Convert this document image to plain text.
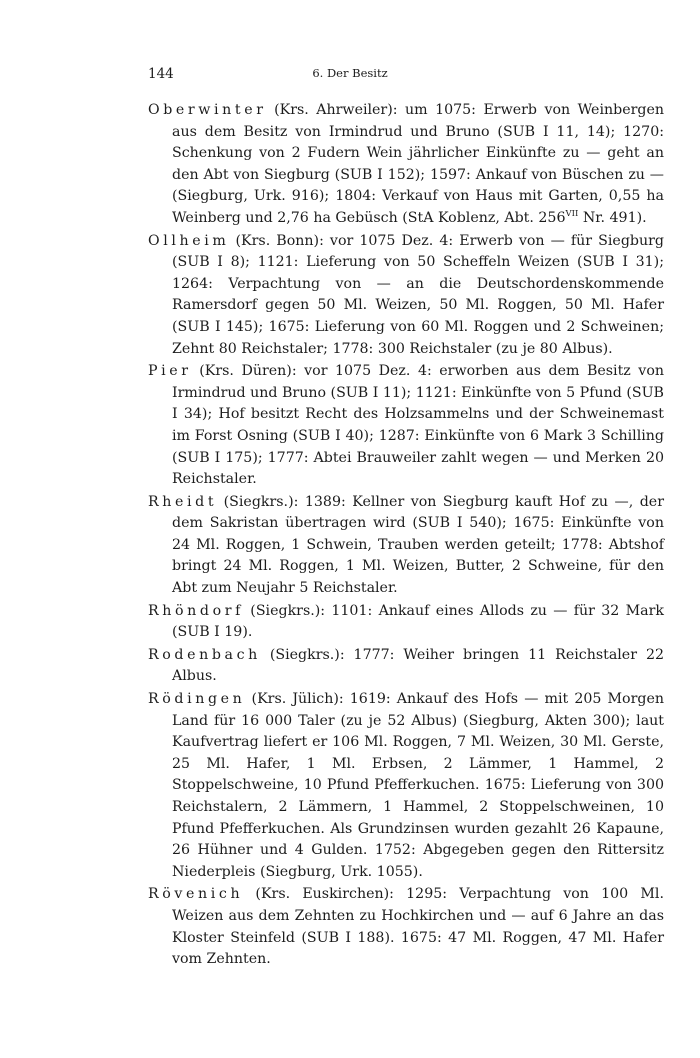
144	6. Der Besitz

Oberwinter (Krs. Ahrweiler): um 1075: Erwerb von Weinbergen aus dem Besitz von Irmindrud und Bruno (SUB I 11, 14); 1270: Schenkung von 2 Fudern Wein jährlicher Einkünfte zu — geht an den Abt von Siegburg (SUB I 152); 1597: Ankauf von Büschen zu — (Siegburg, Urk. 916); 1804: Verkauf von Haus mit Garten, 0,55 ha Weinberg und 2,76 ha Gebüsch (StA Koblenz, Abt. $256^{VII}$ Nr. 491).

Ollheim (Krs. Bonn): vor 1075 Dez. 4: Erwerb von — für Siegburg (SUB I 8); 1121: Lieferung von 50 Scheffeln Weizen (SUB I 31); 1264: Verpachtung von — an die Deutschordenskommende Ramersdorf gegen 50 Ml. Weizen, 50 Ml. Roggen, 50 Ml. Hafer (SUB I 145); 1675: Lieferung von 60 Ml. Roggen und 2 Schweinen; Zehnt 80 Reichstaler; 1778: 300 Reichstaler (zu je 80 Albus).

Pier (Krs. Düren): vor 1075 Dez. 4: erworben aus dem Besitz von Irmindrud und Bruno (SUB I 11); 1121: Einkünfte von 5 Pfund (SUB I 34); Hof besitzt Recht des Holzsammelns und der Schweinemast im Forst Osning (SUB I 40); 1287: Einkünfte von 6 Mark 3 Schilling (SUB I 175); 1777: Abtei Brauweiler zahlt wegen — und Merken 20 Reichstaler.

Rheidt (Siegkrs.): 1389: Kellner von Siegburg kauft Hof zu —, der dem Sakristan übertragen wird (SUB I 540); 1675: Einkünfte von 24 Ml. Roggen, 1 Schwein, Trauben werden geteilt; 1778: Abtshof bringt 24 Ml. Roggen, 1 Ml. Weizen, Butter, 2 Schweine, für den Abt zum Neujahr 5 Reichstaler.

Rhöndorf (Siegkrs.): 1101: Ankauf eines Allods zu — für 32 Mark (SUB I 19).

Rodenbach (Siegkrs.): 1777: Weiher bringen 11 Reichstaler 22 Albus.

Rödingen (Krs. Jülich): 1619: Ankauf des Hofs — mit 205 Morgen Land für 16 000 Taler (zu je 52 Albus) (Siegburg, Akten 300); laut Kaufvertrag liefert er 106 Ml. Roggen, 7 Ml. Weizen, 30 Ml. Gerste, 25 Ml. Hafer, 1 Ml. Erbsen, 2 Lämmer, 1 Hammel, 2 Stoppelschweine, 10 Pfund Pfefferkuchen. 1675: Lieferung von 300 Reichstalern, 2 Lämmern, 1 Hammel, 2 Stoppelschweinen, 10 Pfund Pfefferkuchen. Als Grundzinsen wurden gezahlt 26 Kapaune, 26 Hühner und 4 Gulden. 1752: Abgegeben gegen den Rittersitz Niederpleis (Siegburg, Urk. 1055).

Rövenich (Krs. Euskirchen): 1295: Verpachtung von 100 Ml. Weizen aus dem Zehnten zu Hochkirchen und — auf 6 Jahre an das Kloster Steinfeld (SUB I 188). 1675: 47 Ml. Roggen, 47 Ml. Hafer vom Zehnten.
